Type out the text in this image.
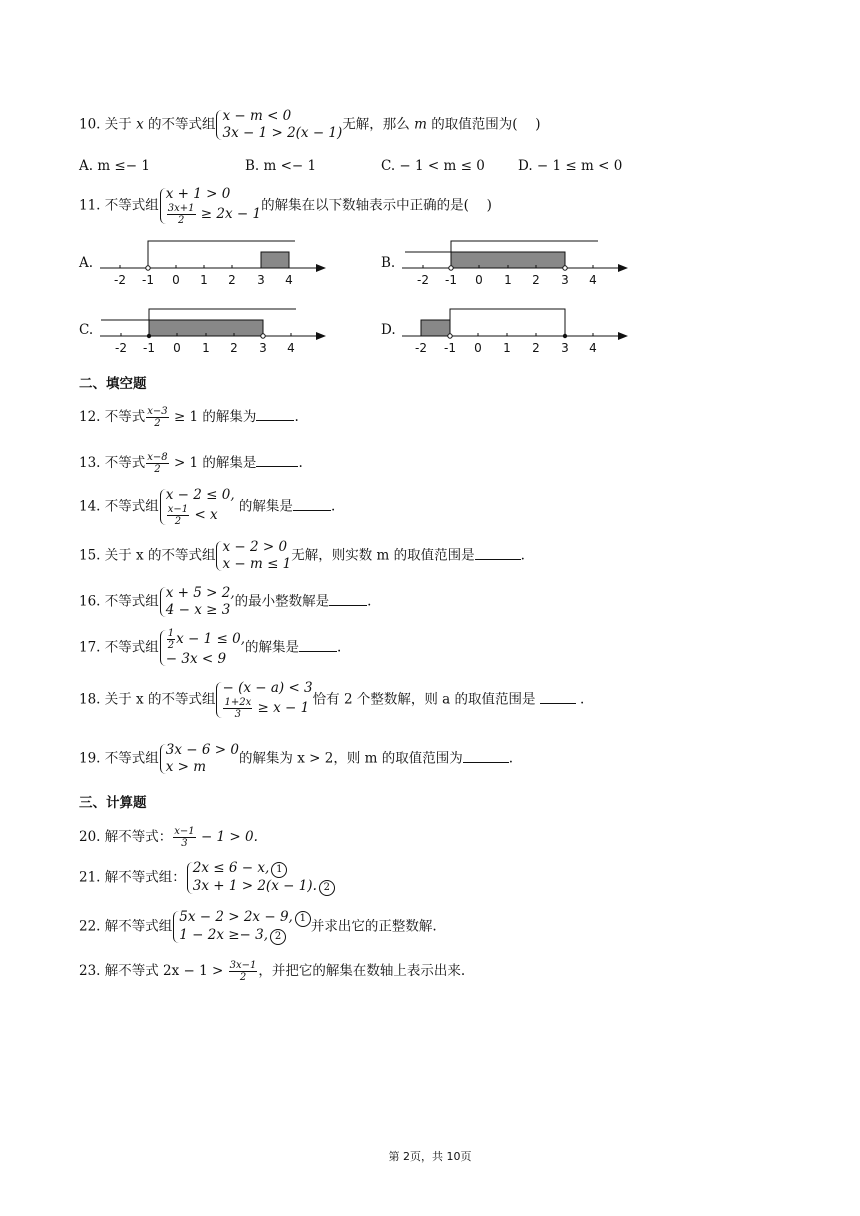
10. 关于 x 的不等式组
x − m < 0
3x − 1 > 2(x − 1)
无解，那么 m 的取值范围为(　 )
A. m ≤− 1	B. m <− 1	C. − 1 < m ≤ 0 D. − 1 ≤ m < 0
11. 不等式组
x + 1 > 0
$\frac{3x+1}{2} \ge 2x - 1$
的解集在以下数轴表示中正确的是(　 )
A.	B.
C.	D.
-2 -1 0 1 2 3 4	-2 -1 0 1 2 3 4
-2 -1 0 1 2 3 4	-2 -1 0 1 2 3 4
二、填空题
12. 不等式 $\frac{x-3}{2} \ge 1$ 的解集为	.
13. 不等式 $\frac{x-8}{2} > 1$ 的解集是	.
14. 不等式组
x − 2 ≤ 0,
$\frac{x-1}{2} < x$
的解集是	.
15. 关于 x 的不等式组
x − 2 > 0
x − m ≤ 1
无解，则实数 m 的取值范围是	.
16. 不等式组
x + 5 > 2,
4 − x ≥ 3
的最小整数解是	.
17. 不等式组 $\frac{1}{2}$ x − 1 ≤ 0,
− 3x < 9
的解集是	.
18. 关于 x 的不等式组
− (x − a) < 3
$\frac{1+2x}{3} \ge x - 1$
恰有 2 个整数解，则 a 的取值范围是	.
19. 不等式组
3x − 6 > 0
x > m
的解集为 x > 2，则 m 的取值范围为	.
三、计算题
20. 解不等式： $\frac{x-1}{3} - 1 > 0$.
21. 解不等式组：
2x ≤ 6 − x, 1
3x + 1 > 2(x − 1). 2
22. 解不等式组
5x − 2 > 2x − 9, 1
1 − 2x ≥− 3, 2
并求出它的正整数解.
23. 解不等式 $2x - 1 > \frac{3x-1}{2}$ ，并把它的解集在数轴上表示出来.
第 2页，共 10页
